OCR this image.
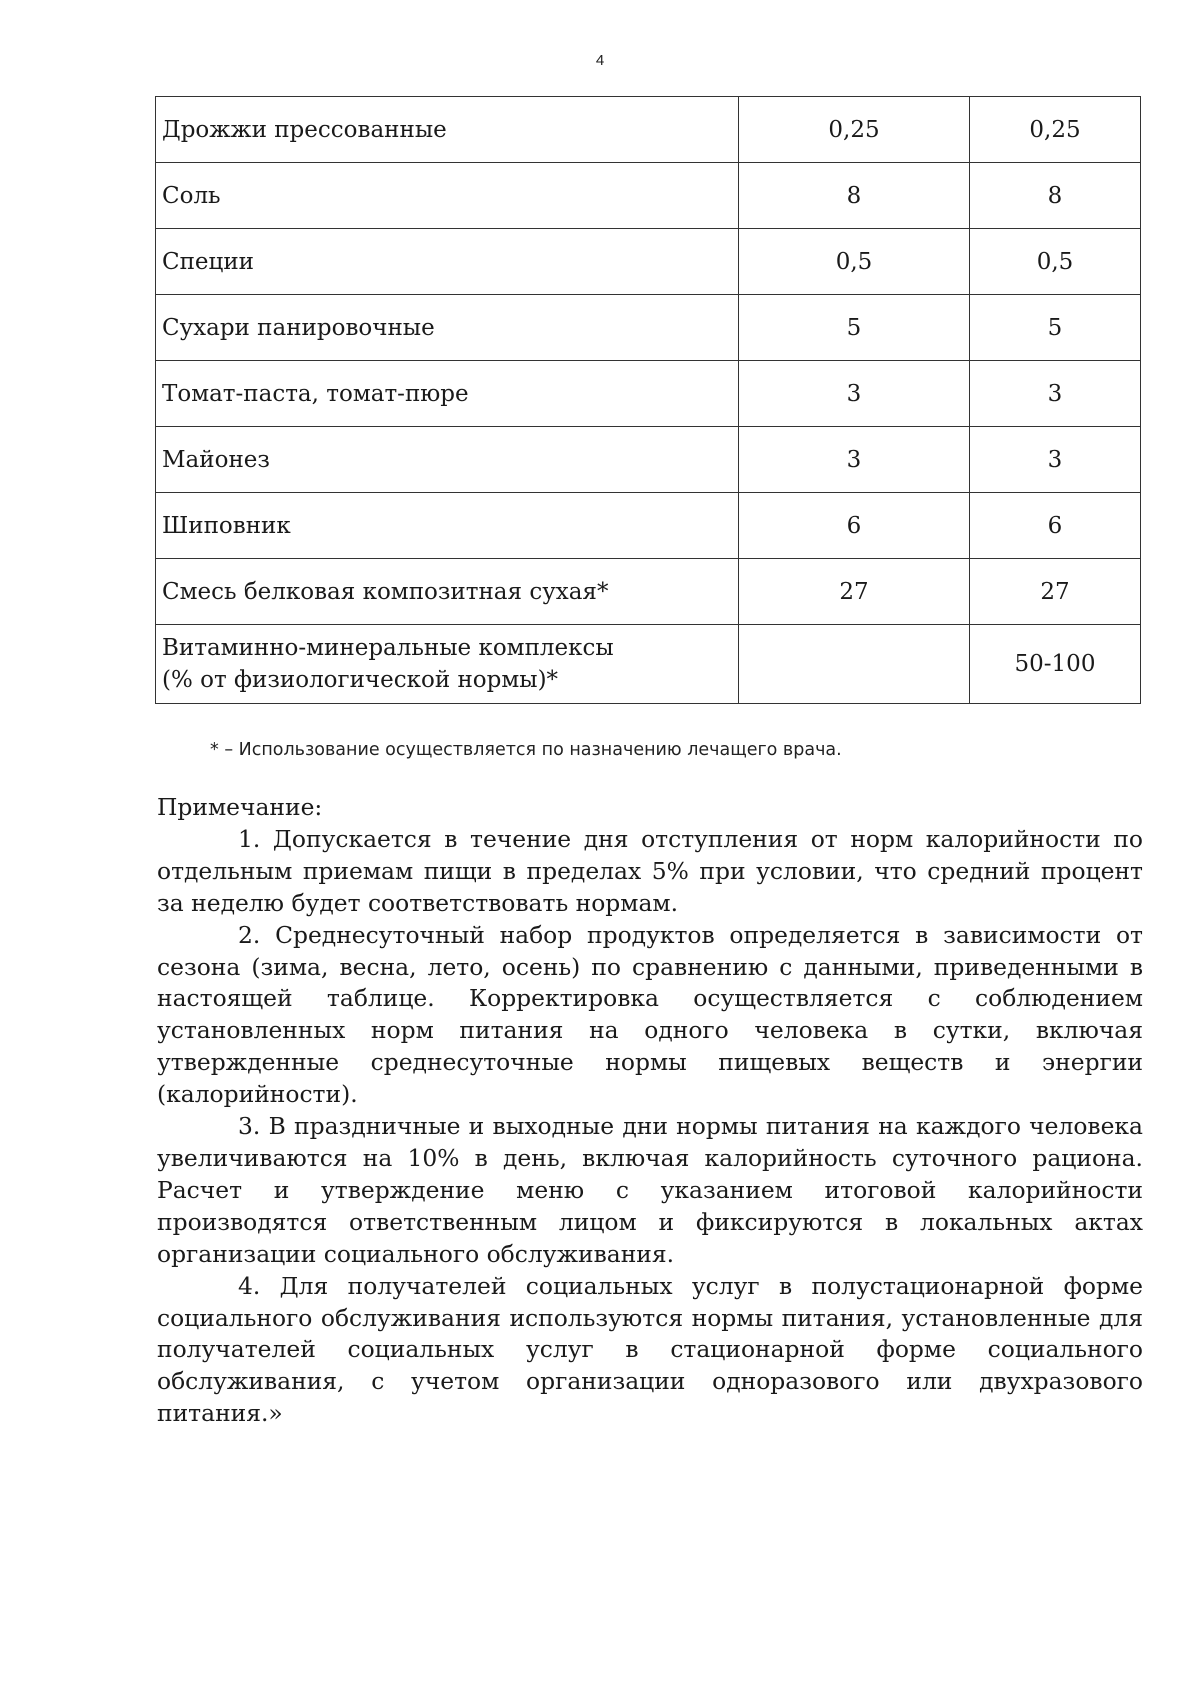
4
Дрожжи прессованные	0,25	0,25

Соль	8	8

Специи	0,5	0,5

Сухари панировочные	5	5

Томат-паста, томат-пюре	3	3

Майонез	3	3

Шиповник	6	6

Смесь белковая композитная сухая*	27	27

Витаминно-минеральные комплексы
(% от физиологической нормы)*		50-100
* – Использование осуществляется по назначению лечащего врача.
Примечание:

1. Допускается в течение дня отступления от норм калорийности по отдельным приемам пищи в пределах 5% при условии, что средний процент за неделю будет соответствовать нормам.

2. Среднесуточный набор продуктов определяется в зависимости от сезона (зима, весна, лето, осень) по сравнению с данными, приведенными в настоящей таблице. Корректировка осуществляется с соблюдением установленных норм питания на одного человека в сутки, включая утвержденные среднесуточные нормы пищевых веществ и энергии (калорийности).

3. В праздничные и выходные дни нормы питания на каждого человека увеличиваются на 10% в день, включая калорийность суточного рациона. Расчет и утверждение меню с указанием итоговой калорийности производятся ответственным лицом и фиксируются в локальных актах организации социального обслуживания.

4. Для получателей социальных услуг в полустационарной форме социального обслуживания используются нормы питания, установленные для получателей социальных услуг в стационарной форме социального обслуживания, с учетом организации одноразового или двухразового питания.»
